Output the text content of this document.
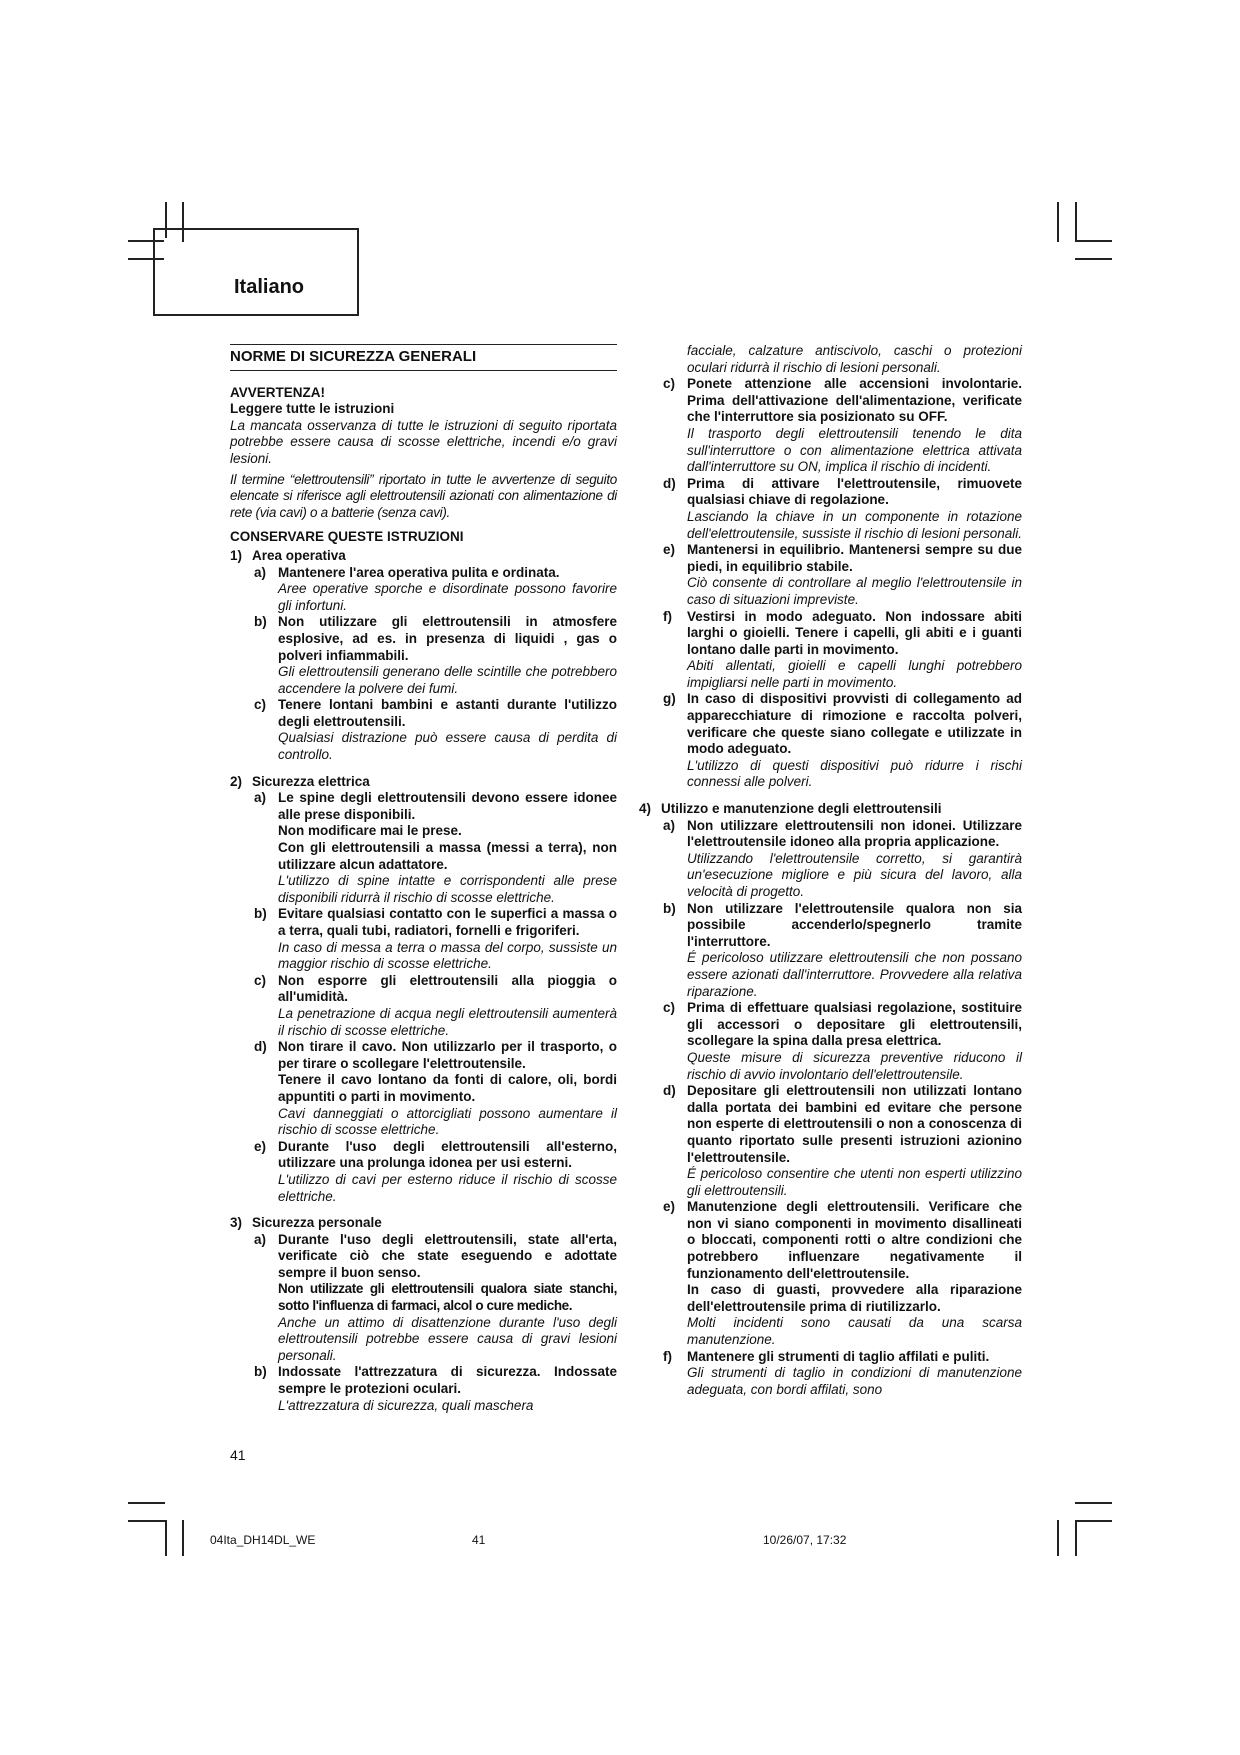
Italiano
NORME DI SICUREZZA GENERALI
AVVERTENZA!
Leggere tutte le istruzioni
La mancata osservanza di tutte le istruzioni di seguito riportata potrebbe essere causa di scosse elettriche, incendi e/o gravi lesioni.
Il termine “elettroutensili” riportato in tutte le avvertenze di seguito elencate si riferisce agli elettroutensili azionati con alimentazione di rete (via cavi) o a batterie (senza cavi).
CONSERVARE QUESTE ISTRUZIONI
1) Area operativa
a) Mantenere l'area operativa pulita e ordinata.
Aree operative sporche e disordinate possono favorire gli infortuni.
b) Non utilizzare gli elettroutensili in atmosfere esplosive, ad es. in presenza di liquidi , gas o polveri infiammabili.
Gli elettroutensili generano delle scintille che potrebbero accendere la polvere dei fumi.
c) Tenere lontani bambini e astanti durante l'utilizzo degli elettroutensili.
Qualsiasi distrazione può essere causa di perdita di controllo.
2) Sicurezza elettrica
a) Le spine degli elettroutensili devono essere idonee alle prese disponibili.
Non modificare mai le prese.
Con gli elettroutensili a massa (messi a terra), non utilizzare alcun adattatore.
L'utilizzo di spine intatte e corrispondenti alle prese disponibili ridurrà il rischio di scosse elettriche.
b) Evitare qualsiasi contatto con le superfici a massa o a terra, quali tubi, radiatori, fornelli e frigoriferi.
In caso di messa a terra o massa del corpo, sussiste un maggior rischio di scosse elettriche.
c) Non esporre gli elettroutensili alla pioggia o all'umidità.
La penetrazione di acqua negli elettroutensili aumenterà il rischio di scosse elettriche.
d) Non tirare il cavo. Non utilizzarlo per il trasporto, o per tirare o scollegare l'elettroutensile.
Tenere il cavo lontano da fonti di calore, oli, bordi appuntiti o parti in movimento.
Cavi danneggiati o attorcigliati possono aumentare il rischio di scosse elettriche.
e) Durante l'uso degli elettroutensili all'esterno, utilizzare una prolunga idonea per usi esterni.
L'utilizzo di cavi per esterno riduce il rischio di scosse elettriche.
3) Sicurezza personale
a) Durante l'uso degli elettroutensili, state all'erta, verificate ciò che state eseguendo e adottate sempre il buon senso.
Non utilizzate gli elettroutensili qualora siate stanchi, sotto l'influenza di farmaci, alcol o cure mediche.
Anche un attimo di disattenzione durante l'uso degli elettroutensili potrebbe essere causa di gravi lesioni personali.
b) Indossate l'attrezzatura di sicurezza. Indossate sempre le protezioni oculari.
L'attrezzatura di sicurezza, quali maschera
facciale, calzature antiscivolo, caschi o protezioni oculari ridurrà il rischio di lesioni personali.
c) Ponete attenzione alle accensioni involontarie. Prima dell'attivazione dell'alimentazione, verificate che l'interruttore sia posizionato su OFF.
Il trasporto degli elettroutensili tenendo le dita sull'interruttore o con alimentazione elettrica attivata dall'interruttore su ON, implica il rischio di incidenti.
d) Prima di attivare l'elettroutensile, rimuovete qualsiasi chiave di regolazione.
Lasciando la chiave in un componente in rotazione dell'elettroutensile, sussiste il rischio di lesioni personali.
e) Mantenersi in equilibrio. Mantenersi sempre su due piedi, in equilibrio stabile.
Ciò consente di controllare al meglio l'elettroutensile in caso di situazioni impreviste.
f)	Vestirsi in modo adeguato. Non indossare abiti larghi o gioielli. Tenere i capelli, gli abiti e i guanti lontano dalle parti in movimento.
Abiti allentati, gioielli e capelli lunghi potrebbero impigliarsi nelle parti in movimento.
g) In caso di dispositivi provvisti di collegamento ad apparecchiature di rimozione e raccolta polveri, verificare che queste siano collegate e utilizzate in modo adeguato.
L'utilizzo di questi dispositivi può ridurre i rischi connessi alle polveri.
4) Utilizzo e manutenzione degli elettroutensili
a) Non utilizzare elettroutensili non idonei. Utilizzare l'elettroutensile idoneo alla propria applicazione.
Utilizzando l'elettroutensile corretto, si garantirà un'esecuzione migliore e più sicura del lavoro, alla velocità di progetto.
b) Non utilizzare l'elettroutensile qualora non sia possibile accenderlo/spegnerlo tramite l'interruttore.
É pericoloso utilizzare elettroutensili che non possano essere azionati dall'interruttore. Provvedere alla relativa riparazione.
c) Prima di effettuare qualsiasi regolazione, sostituire gli accessori o depositare gli elettroutensili, scollegare la spina dalla presa elettrica.
Queste misure di sicurezza preventive riducono il rischio di avvio involontario dell'elettroutensile.
d) Depositare gli elettroutensili non utilizzati lontano dalla portata dei bambini ed evitare che persone non esperte di elettroutensili o non a conoscenza di quanto riportato sulle presenti istruzioni azionino l'elettroutensile.
É pericoloso consentire che utenti non esperti utilizzino gli elettroutensili.
e) Manutenzione degli elettroutensili. Verificare che non vi siano componenti in movimento disallineati o bloccati, componenti rotti o altre condizioni che potrebbero influenzare negativamente il funzionamento dell'elettroutensile.
In caso di guasti, provvedere alla riparazione dell'elettroutensile prima di riutilizzarlo.
Molti incidenti sono causati da una scarsa manutenzione.
f)	Mantenere gli strumenti di taglio affilati e puliti.
Gli strumenti di taglio in condizioni di manutenzione adeguata, con bordi affilati, sono
41
04Ita_DH14DL_WE	41	10/26/07, 17:32
